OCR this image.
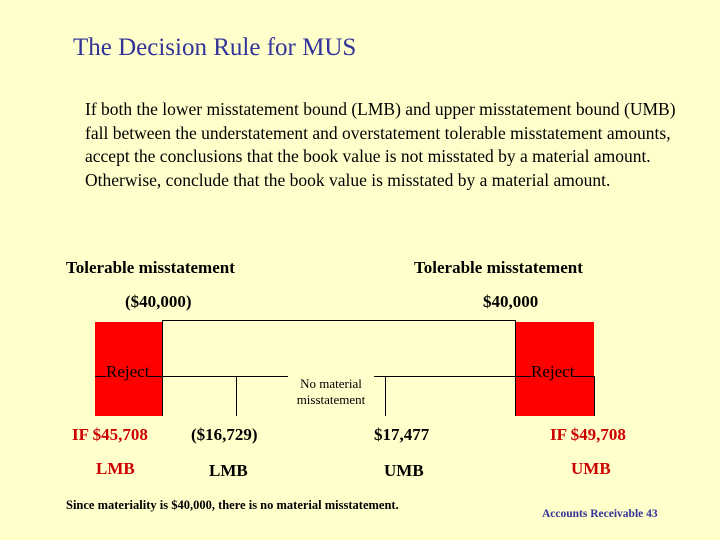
The Decision Rule for MUS
If both the lower misstatement bound (LMB) and upper misstatement bound (UMB) fall between the understatement and overstatement tolerable misstatement amounts, accept the conclusions that the book value is not misstated by a material amount. Otherwise, conclude that the book value is misstated by a material amount.
Tolerable misstatement	Tolerable misstatement
($40,000)	$40,000
Reject	Reject
No material misstatement
IF $45,708	($16,729)	$17,477	IF $49,708
LMB	LMB	UMB	UMB
Since materiality is $40,000, there is no material misstatement.
Accounts Receivable 43
